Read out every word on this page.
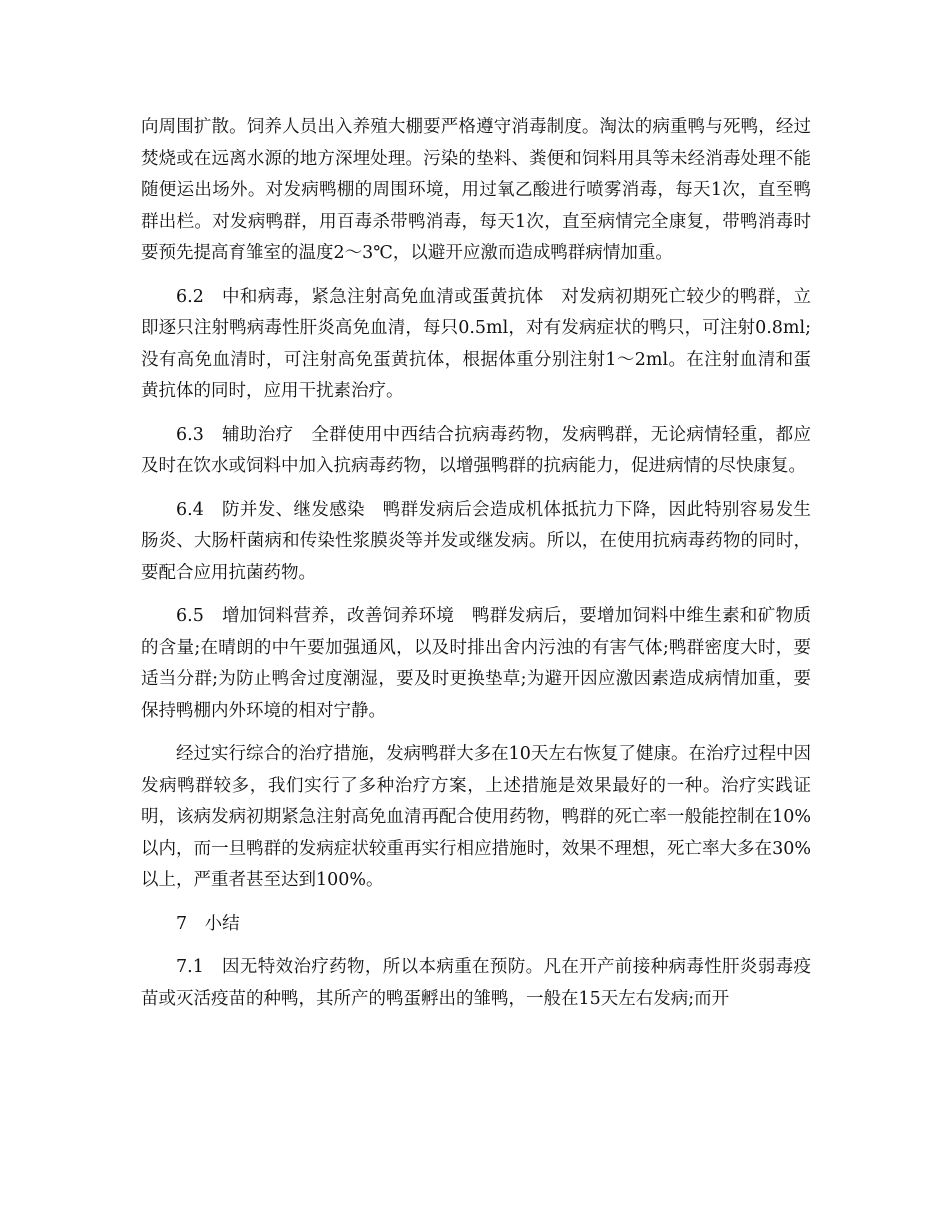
向周围扩散。饲养人员出入养殖大棚要严格遵守消毒制度。淘汰的病重鸭与死鸭，经过焚烧或在远离水源的地方深埋处理。污染的垫料、粪便和饲料用具等未经消毒处理不能随便运出场外。对发病鸭棚的周围环境，用过氧乙酸进行喷雾消毒，每天1次，直至鸭群出栏。对发病鸭群，用百毒杀带鸭消毒，每天1次，直至病情完全康复，带鸭消毒时要预先提高育雏室的温度2～3℃，以避开应激而造成鸭群病情加重。

6.2　中和病毒，紧急注射高免血清或蛋黄抗体　对发病初期死亡较少的鸭群，立即逐只注射鸭病毒性肝炎高免血清，每只0.5ml，对有发病症状的鸭只，可注射0.8ml;没有高免血清时，可注射高免蛋黄抗体，根据体重分别注射1～2ml。在注射血清和蛋黄抗体的同时，应用干扰素治疗。

6.3　辅助治疗　全群使用中西结合抗病毒药物，发病鸭群，无论病情轻重，都应及时在饮水或饲料中加入抗病毒药物，以增强鸭群的抗病能力，促进病情的尽快康复。

6.4　防并发、继发感染　鸭群发病后会造成机体抵抗力下降，因此特别容易发生肠炎、大肠杆菌病和传染性浆膜炎等并发或继发病。所以，在使用抗病毒药物的同时，要配合应用抗菌药物。

6.5　增加饲料营养，改善饲养环境　鸭群发病后，要增加饲料中维生素和矿物质的含量;在晴朗的中午要加强通风，以及时排出舍内污浊的有害气体;鸭群密度大时，要适当分群;为防止鸭舍过度潮湿，要及时更换垫草;为避开因应激因素造成病情加重，要保持鸭棚内外环境的相对宁静。

经过实行综合的治疗措施，发病鸭群大多在10天左右恢复了健康。在治疗过程中因发病鸭群较多，我们实行了多种治疗方案，上述措施是效果最好的一种。治疗实践证明，该病发病初期紧急注射高免血清再配合使用药物，鸭群的死亡率一般能控制在10%以内，而一旦鸭群的发病症状较重再实行相应措施时，效果不理想，死亡率大多在30%以上，严重者甚至达到100%。

7　小结

7.1　因无特效治疗药物，所以本病重在预防。凡在开产前接种病毒性肝炎弱毒疫苗或灭活疫苗的种鸭，其所产的鸭蛋孵出的雏鸭，一般在15天左右发病;而开
